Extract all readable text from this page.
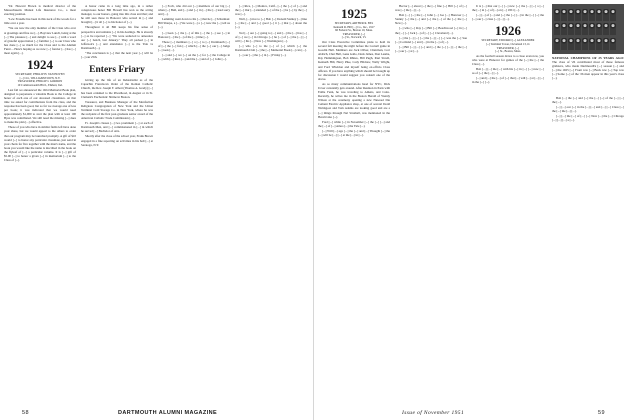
"Dr. Howard Brown is medical director of the Massachusetts Mutual Life Insurance Co., a most exacting position.

"Lew Frazelle has been in this neck of the woods for a little over a year.

"We are now the only member of the Class who ever at greetings and fine we [...]. Bayview Lunch, being at the [...] The pleasure [...] and delight to see [...] with a word of grateful appreciation [...] familiar [...] to our Class who has done [...] so much for the Class and to the Alumni Fund ... Here's hoping as we now [...] fancier [...] has [...] meet again [...].

1924
SECRETARY, PHILLIP H. VAN HOVEN
[...] CO., WILLIAMSTOWN, N.Y.
TREASURER, PHILLIP I. GORDON
10 Commonwealth Blvd., Elkhart, Ind.

Last fall we announced the 1924 Memorial Book plan, designed to perpetuate a valuable Book to the College in honor of each one of our deceased classmates. At that time we asked for contributions from the class, and the response has been good, but so far we average one of less per book; it was indicated that we would need approximately $1,000 to start the plan with at least 100 Byes was contributed. We still need the missing [...] dues to make the plan [...] effective.

Those of you who have in similar fields left have done your share, but we would appeal to the others to order that our program may be launched promptly. A gift of $10 would [...] to honor any particular classmate, just send in your check for five together with the man's name, and the book you would like the name is inscribed in the book on the flyleaf of [...] a particular volume. It is [...] gift of $5.00 [...] to honor a given [...] in memoriam [...] to the Class of [...].

A honor came in a long time ago, in a rather conspicuous honor Bill Howell has won as the acting manager, to our honors, going into this class and that; and he still sees those in Hanover who served in [...] and brought [...] it all [...] to his honor of [...].

Throughout it all Bill keeps his fine sense of perspective and remains [...] in his dealings. He is already [...] as he reported [...] "We were seducted to announce our [...] bench, last January." They all packed [...] in Jefferson's [...] and attendance [...] to the Yale vs Dartmouth [...].

"The conclusion is [...] that the next year [...] will be [...] our 25th.

Enters Friary

Giving up the life of an Industrialist as of the Capuchin Franciscan Order of the Roman Catholic Church, the Rev. Joseph F. Albert (Thomas A. Grady) [...] has been ordained to the Priesthood, in August or in St. Clement's Eucharistic Shrine in Boston.

Treasurer, and Business Manager of the Monfortian Religious Congregation of New York and the Union Terminal Cold Storage Co. in New York, where he was the recipient of the first post-graduate senior award of the American Catholic Trade Commission [...].

Fr. Joseph's classes [...] two prominent [...] at each of Dartmouth Men, and [...] commissioned in [...] in which he served [...] Bachelor of Arts.

Shortly after the close of the school year, Frank Brown engaged in a fine reporting on activities in his hall [...] at Saratoga, N.Y.

[...] Foch, who did our [...] members of our big [...] when [...] Bull, and [...] and [...] in [...] the [...] lead sorry and [...].

Lemming went down to his [...] that he [...] Schurman: Bill Sharpe, a [...] We were [...] a [...] now the [...] tell us [...].

[...] been [...] the [...] of this [...] the [...] see [...] in Hanover [...] the [...] of the [...] time [...].

Those [...] members [...] a [...] to [...] Dartmouth [...] of [...] the [...] fun [...] which [...] the [...] our [...] Judge [...] took [...].

[...] and [...] we [...] on the [...] for [...] the College in [...] with [...] Red, [...] and the [...] and of [...] John [...].

[...] Rice, [...] Monica, Calif., [...] the [...] of [...] and the [...] Our [...] attended [...] of the [...] be [...] by the [...] was [...].

Well, [...] nice to [...] Bob [...] Donald Stanley [...] like [...] the [...] and [...] good [...] it [...] that [...] about the [...].

Ted [...] our [...] going to [...] and [...] the [...] has [...] of [...] we [...] in Chicago [...] he [...] of [...] the [...] [...] will [...] his [...] New [...] Washington [...].

[...] who [...] to the [...] of [...] which [...] the Dartmouth Club [...] the [...] Memorial Book [...] can [...].

[...] our [...] the [...] in [...] Friday [...].

58	DARTMOUTH ALUMNI MAGAZINE
1925
SECRETARY, ARTHUR R. BEI.
Kenneth R. Hill [...] Co., Inc., 1917
60 Federal St., Boston 10, Mass.
TREASURER, [...]
[...] St., Norwich, Vt.

Our Class Executive Committee plans to hold its second fall meeting the night before the Cornell game in Goodin Hall. Members are Jack Oliver, Chairman, Cort Aldrich, Chet Hall, Gene Gallo, Dork James, Don Leama, Ray Hemmingson, Bob Rhites, Bill Pugh, Paul Sirrell, Kenneth Hill, Harry Pike, Cady Hildraw, Wally Wright, and Ford Wheldon and myself being ex-officio Class officers. If you have anything which should be brought up for discussion I would suggest you consult one of the above.

As so many communications head for NYC, Dick Usver constantly gets around. After Reunion in Paris with Eddie Fenn, he was traveling to Athens, and Cairo. Recently, he writes me in the Boston Herald of Wendy Wilson at the ceremony opening a new Nuweed Die Cement Electric Appliance shop, at one of several Dodd Weldsgoot and Tom Adams are looking good and are a [...] things through Nel Strathall, was mentioned in the Herald also [...].

Fred [...] while [...] in November [...] the [...] [...] and the [...] of [...] Amos [...] the Yale [...].

[...] Will [...] ago [...] the [...] and [...] Thought [...] the [...] will be [...] [...] at the [...] in [...].

Hector [...] about [...] the [...] fine [...] Bill [...] of [...] was [...] the [...] [...].

Bob [...] [...] the [...] John [...] Joe [...] Hanover [...] Stenny [...] the [...] and [...] the [...] of the [...] the [...] New [...].

[...] who [...] Ray [...] Bill [...] Beachwood [...] in [...] the [...] [...] Jack [...] of [...] [...] Cleveland [...].

[...] the [...] [...] [...] the [...] [...] [...] was the [...] Sue [...] Cortland [...] and [...] in the [...] of [...].

[...] Bill [...] [...] [...] and [...] the [...] [...] [...] the [...] [...] our [...] at [...].

It is [...] that our [...] [...] new [...] the [...] [...] a [...] the [...] in [...] of [...] on [...] 1951 [...].

[...] [...] of [...] and [...] the [...] [...] in the [...] [...] the [...] our [...] class [...] [...] [...].

1926
SECRETARY, EDWARD [...] ALEXANDER
[...] Terminal Tower, Cleveland 13, O.
TREASURER, [...]
[...] St., Boston, Mass.

As the football season draws to a close even now, you who were at Hanover for games of the [...] the [...] the Class [...].

Bob [...] [...] the [...] with his [...] in [...] [...] now [...] as of [...] the [...] [...].

[...] and [...] the [...] of [...] that [...] will [...] at [...] [...] in the [...] [...].

NATIONAL CHAMPIONS OF 25 YEARS AGO: The class of '26 contributed most of these famous gridsters, who made Dartmouth's [...] season [...] and [...] the 1925 [...] Front row [...] Back row [...] Top row [...] Some [...] of the '26 men appear in this year's class [...].

Bob [...] the [...] and [...] the [...] [...] of the [...] [...] the [...].

[...] [...] our [...] in the [...] [...] and [...] [...] Class [...] the [...] the [...] [...].

[...] [...] the [...] of [...] [...] New [...] the [...] Chicago [...] [...] [...] a [...].

Issue of November 1951	59
